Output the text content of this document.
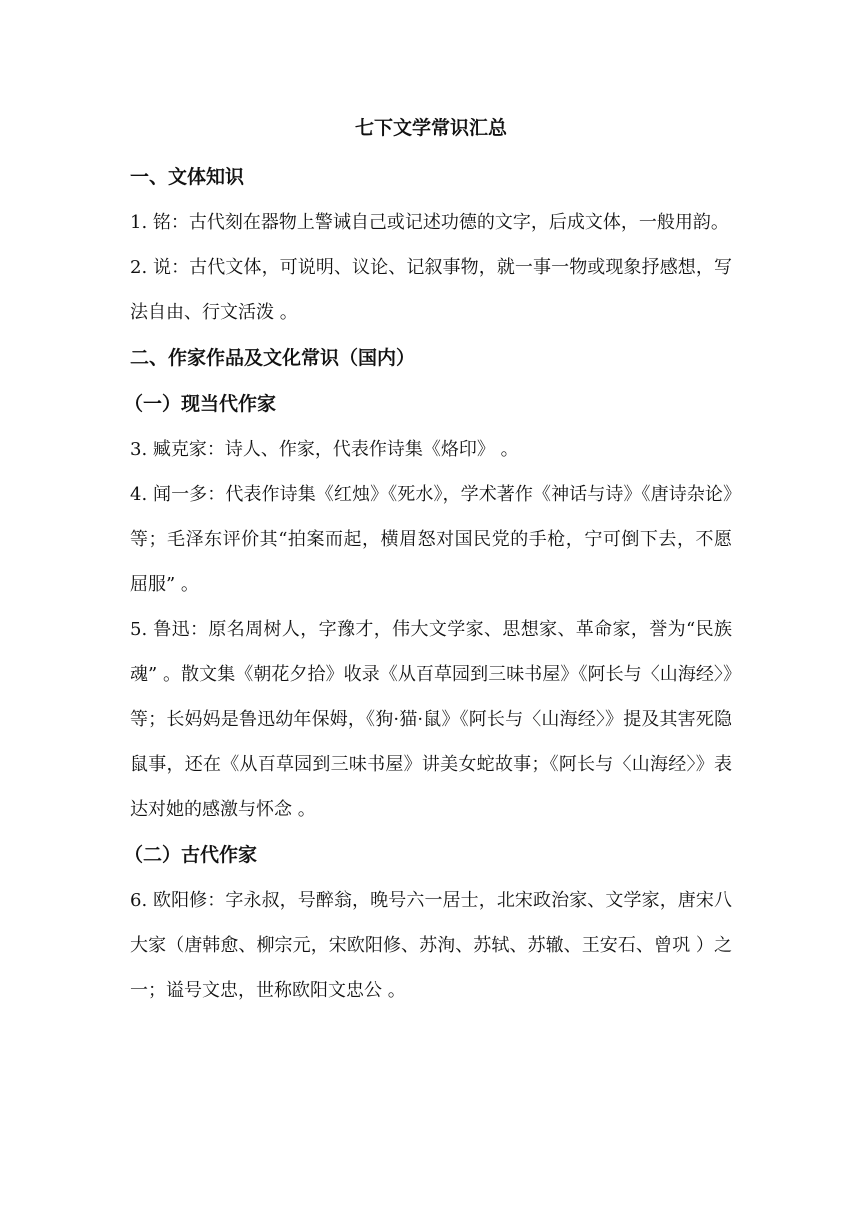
七下文学常识汇总
一、文体知识

1. 铭：古代刻在器物上警诫自己或记述功德的文字，后成文体，一般用韵。

2. 说：古代文体，可说明、议论、记叙事物，就一事一物或现象抒感想，写法自由、行文活泼 。

二、作家作品及文化常识（国内）
（一）现当代作家

3. 臧克家：诗人、作家，代表作诗集《烙印》 。

4. 闻一多：代表作诗集《红烛》《死水》，学术著作《神话与诗》《唐诗杂论》等；毛泽东评价其“拍案而起，横眉怒对国民党的手枪，宁可倒下去，不愿屈服” 。

5. 鲁迅：原名周树人，字豫才，伟大文学家、思想家、革命家，誉为“民族魂” 。散文集《朝花夕拾》收录《从百草园到三味书屋》《阿长与〈山海经〉》等；长妈妈是鲁迅幼年保姆，《狗·猫·鼠》《阿长与〈山海经〉》提及其害死隐鼠事，还在《从百草园到三味书屋》讲美女蛇故事；《阿长与〈山海经〉》表达对她的感激与怀念 。

（二）古代作家

6. 欧阳修：字永叔，号醉翁，晚号六一居士，北宋政治家、文学家，唐宋八大家（唐韩愈、柳宗元，宋欧阳修、苏洵、苏轼、苏辙、王安石、曾巩 ）之一；谥号文忠，世称欧阳文忠公 。
